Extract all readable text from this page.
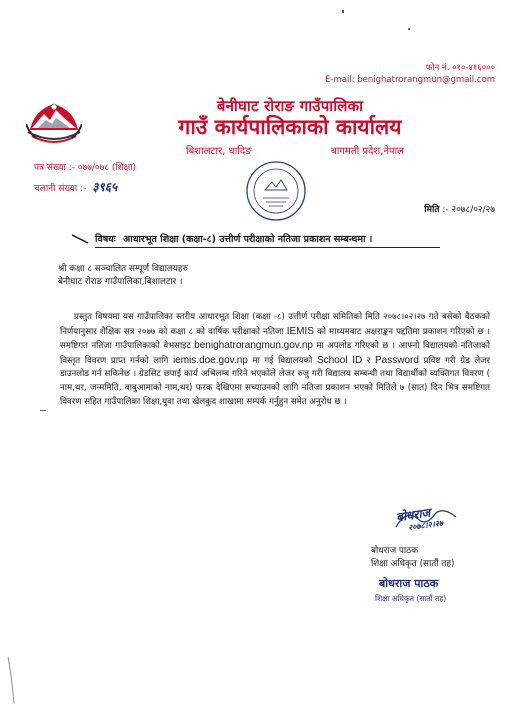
फोन नं. ०१०-४१६०००
E-mail: benighatrorangmun@gmail.com
बेनीघाट रोराङ गाउँपालिका
गाउँ कार्यपालिकाको कार्यालय
बिशालटार, धादिङ	बागमती प्रदेश,नेपाल
पत्र संख्या :- ०७७/०७८ (शिक्षा)
चलानी संख्या :- ३९६५
मिति :- २०७८/०२/२७
विषयः आधारभूत शिक्षा (कक्षा-८) उत्तीर्ण परीक्षाको नतिजा प्रकाशन सम्बन्धमा ।
श्री कक्षा ८ सञ्चालित सम्पूर्ण विद्यालयहरु
बेनीघाट रोराङ गाउँपालिका,बिशालटार ।
प्रस्तुत विषयमा यस गाउँपालिका स्तरीय आधारभूत शिक्षा (कक्षा -८) उत्तीर्ण परीक्षा समितिको मिति २०७८।०२।२७ गते बसेको बैठकको निर्णयानुसार शैक्षिक सत्र २०७७ को कक्षा ८ को वार्षिक परीक्षाको नतिजा IEMIS को माध्यमबाट अक्षराङ्कन पद्दतिमा प्रकाशन गरिएको छ । समष्टिगत नतिजा गाउँपालिकाको वेभसाइट benighatrorangmun.gov.np मा अपलोड गरिएको छ । आफ्नो विद्यालयको नतिजाको विस्तृत विवरण प्राप्त गर्नको लागि iemis.doe.gov.np मा गई विद्यालयको School ID र Password प्रविष्ट गरी ग्रेड लेजर डाउनलोड गर्न सकिनेछ । ग्रेडसिट छपाई कार्य अभिलम्ब गरिने भएकोले लेजर रुजु गरी विद्यालय सम्बन्धी तथा विद्यार्थीको व्यक्तिगत विवरण ( नाम,थर, जन्ममिति, बाबुआमाको नाम,थर) फरक देखिएमा सच्याउनको लागि नतिजा प्रकाशन भएको मितिले ७ (सात) दिन भित्र समष्टिगत विवरण सहित गाउँपालिका शिक्षा,युवा तथा खेलकुद शाखामा सम्पर्क गर्नुहुन समेत अनुरोध छ ।
बोधराज
२०७८।२।२७
बोधराज पाठक
शिक्षा अधिकृत (सातौं तह)
बोधराज पाठक
शिक्षा अधिकृत (सातौं तह)
